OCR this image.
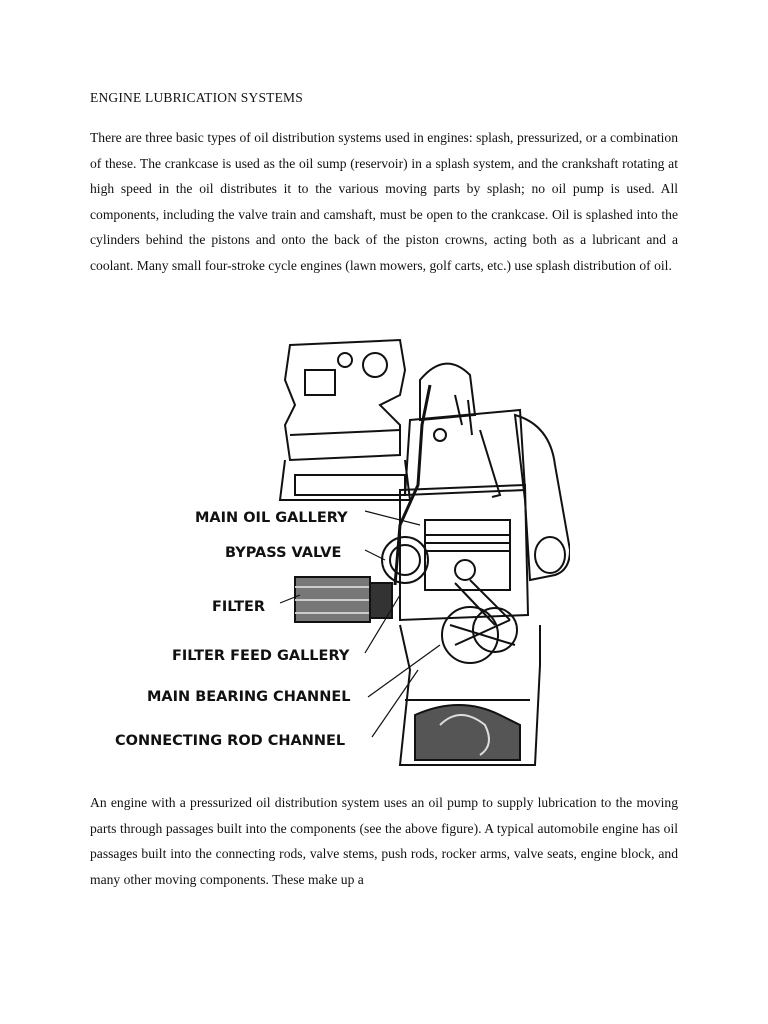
ENGINE LUBRICATION SYSTEMS

There are three basic types of oil distribution systems used in engines: splash, pressurized, or a combination of these. The crankcase is used as the oil sump (reservoir) in a splash system, and the crankshaft rotating at high speed in the oil distributes it to the various moving parts by splash; no oil pump is used. All components, including the valve train and camshaft, must be open to the crankcase. Oil is splashed into the cylinders behind the pistons and onto the back of the piston crowns, acting both as a lubricant and a coolant. Many small four-stroke cycle engines (lawn mowers, golf carts, etc.) use splash distribution of oil.

MAIN OIL GALLERY
BYPASS VALVE
FILTER
FILTER FEED GALLERY
MAIN BEARING CHANNEL
CONNECTING ROD CHANNEL

An engine with a pressurized oil distribution system uses an oil pump to supply lubrication to the moving parts through passages built into the components (see the above figure). A typical automobile engine has oil passages built into the connecting rods, valve stems, push rods, rocker arms, valve seats, engine block, and many other moving components. These make up a
